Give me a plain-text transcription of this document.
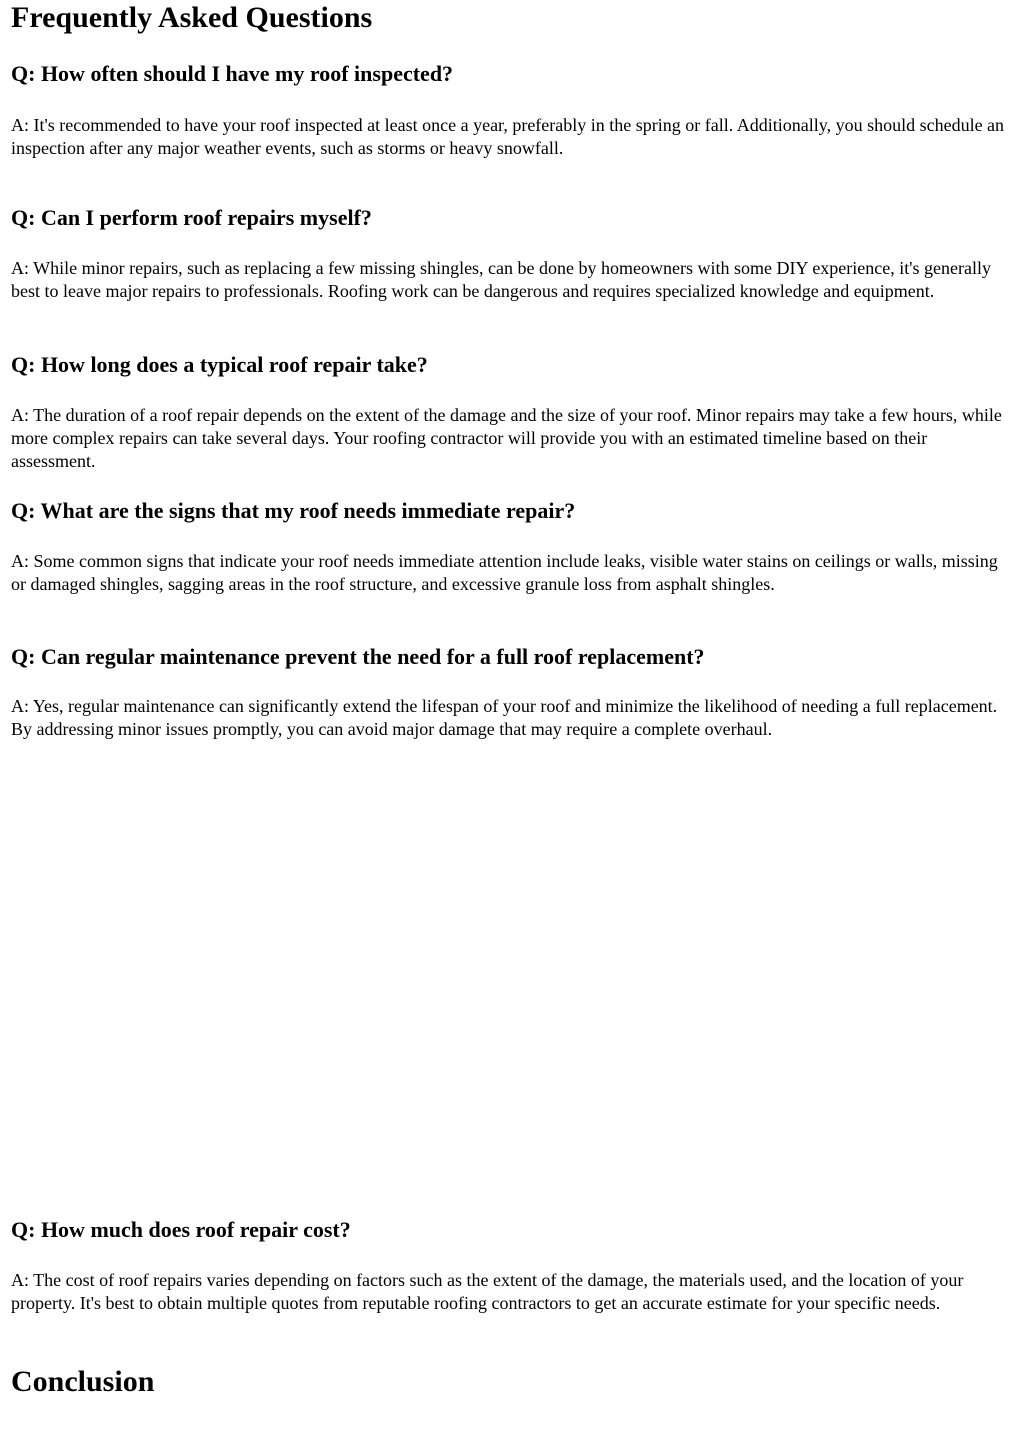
Frequently Asked Questions
Q: How often should I have my roof inspected?

A: It's recommended to have your roof inspected at least once a year, preferably in the spring or fall. Additionally, you should schedule an inspection after any major weather events, such as storms or heavy snowfall.

Q: Can I perform roof repairs myself?

A: While minor repairs, such as replacing a few missing shingles, can be done by homeowners with some DIY experience, it's generally best to leave major repairs to professionals. Roofing work can be dangerous and requires specialized knowledge and equipment.

Q: How long does a typical roof repair take?

A: The duration of a roof repair depends on the extent of the damage and the size of your roof. Minor repairs may take a few hours, while more complex repairs can take several days. Your roofing contractor will provide you with an estimated timeline based on their assessment.

Q: What are the signs that my roof needs immediate repair?

A: Some common signs that indicate your roof needs immediate attention include leaks, visible water stains on ceilings or walls, missing or damaged shingles, sagging areas in the roof structure, and excessive granule loss from asphalt shingles.

Q: Can regular maintenance prevent the need for a full roof replacement?

A: Yes, regular maintenance can significantly extend the lifespan of your roof and minimize the likelihood of needing a full replacement. By addressing minor issues promptly, you can avoid major damage that may require a complete overhaul.

Q: How much does roof repair cost?

A: The cost of roof repairs varies depending on factors such as the extent of the damage, the materials used, and the location of your property. It's best to obtain multiple quotes from reputable roofing contractors to get an accurate estimate for your specific needs.

Conclusion
